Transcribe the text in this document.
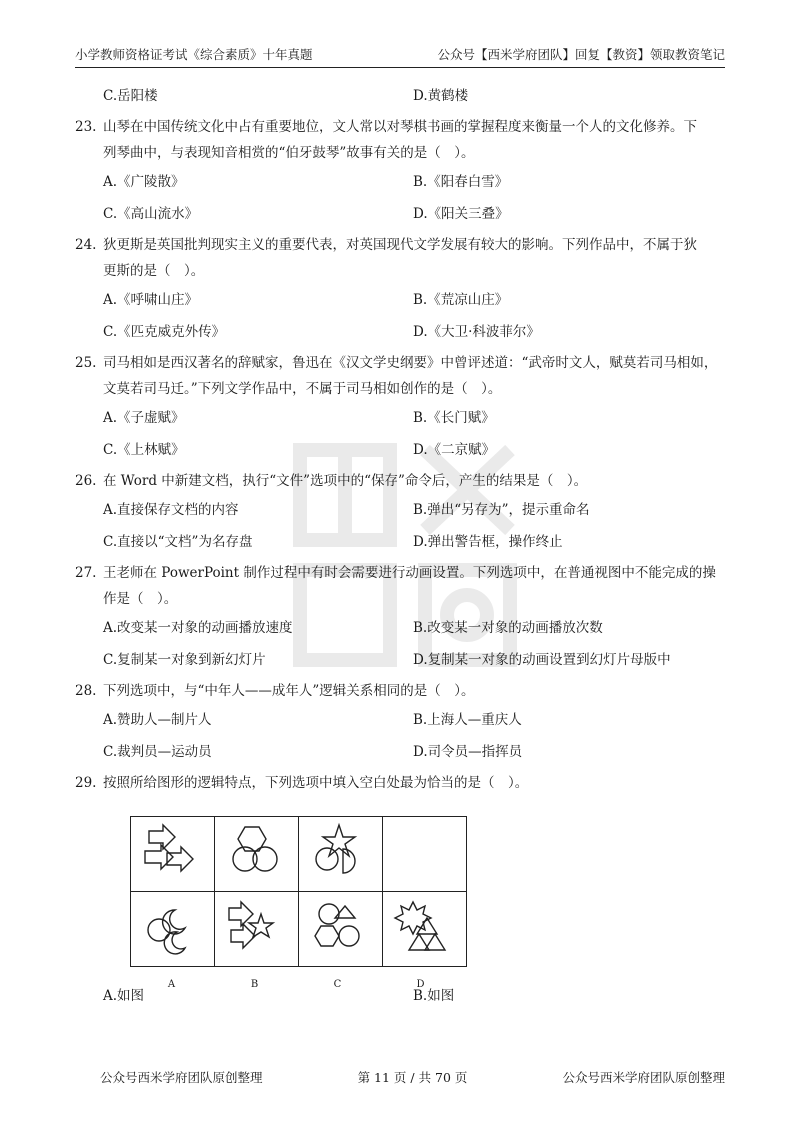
小学教师资格证考试《综合素质》十年真题	公众号【西米学府团队】回复【教资】领取教资笔记
C.岳阳楼	D.黄鹤楼
23. 山琴在中国传统文化中占有重要地位，文人常以对琴棋书画的掌握程度来衡量一个人的文化修养。下
列琴曲中，与表现知音相赏的“伯牙鼓琴”故事有关的是（　）。
A.《广陵散》	B.《阳春白雪》
C.《高山流水》	D.《阳关三叠》
24. 狄更斯是英国批判现实主义的重要代表，对英国现代文学发展有较大的影响。下列作品中，不属于狄
更斯的是（　）。
A.《呼啸山庄》	B.《荒凉山庄》
C.《匹克威克外传》	D.《大卫·科波菲尔》
25. 司马相如是西汉著名的辞赋家，鲁迅在《汉文学史纲要》中曾评述道：“武帝时文人，赋莫若司马相如，
文莫若司马迁。”下列文学作品中，不属于司马相如创作的是（　）。
A.《子虚赋》	B.《长门赋》
C.《上林赋》	D.《二京赋》
26. 在 Word 中新建文档，执行“文件”选项中的“保存”命令后，产生的结果是（　）。
A.直接保存文档的内容	B.弹出“另存为”，提示重命名
C.直接以“文档”为名存盘	D.弹出警告框，操作终止
27. 王老师在 PowerPoint 制作过程中有时会需要进行动画设置。下列选项中，在普通视图中不能完成的操
作是（　）。
A.改变某一对象的动画播放速度	B.改变某一对象的动画播放次数
C.复制某一对象到新幻灯片	D.复制某一对象的动画设置到幻灯片母版中
28. 下列选项中，与“中年人——成年人”逻辑关系相同的是（　）。
A.赞助人—制片人	B.上海人—重庆人
C.裁判员—运动员	D.司令员—指挥员
29. 按照所给图形的逻辑特点，下列选项中填入空白处最为恰当的是（　）。

A	B	C	D
A.如图	B.如图
公众号西米学府团队原创整理	第 11 页 / 共 70 页	公众号西米学府团队原创整理
